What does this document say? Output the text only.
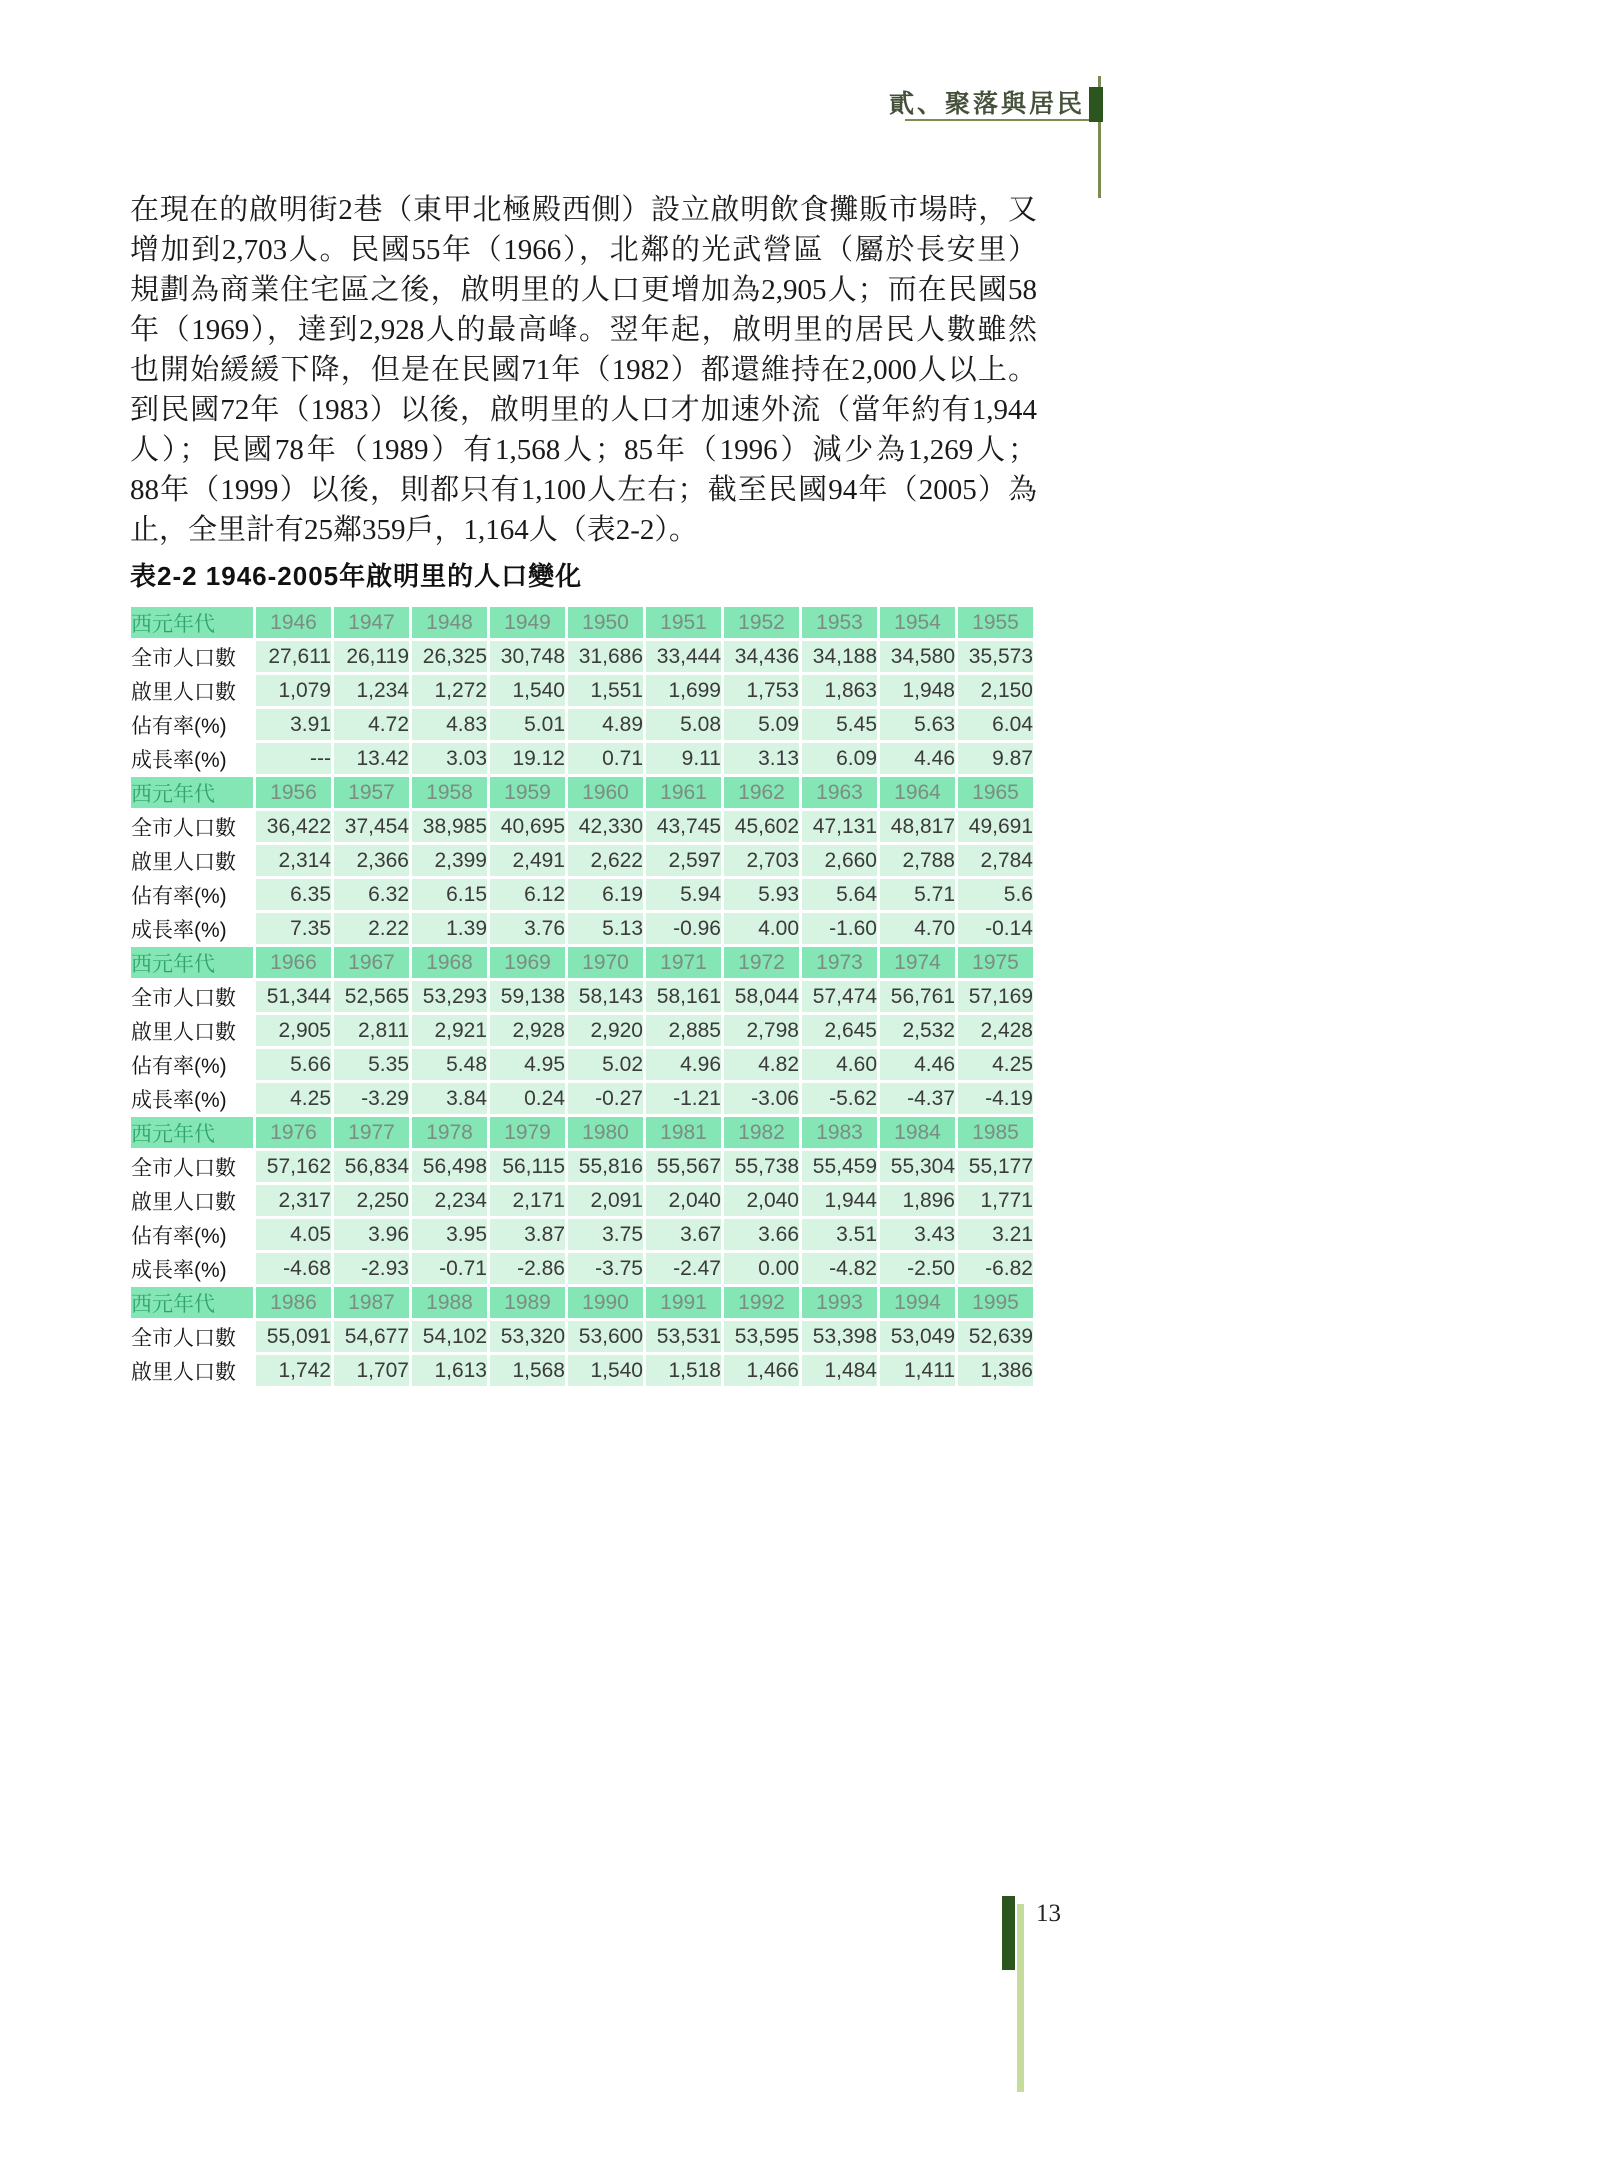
貳、聚落與居民
在現在的啟明街2巷（東甲北極殿西側）設立啟明飲食攤販市場時，又
增加到2,703人。民國55年（1966），北鄰的光武營區（屬於長安里）
規劃為商業住宅區之後，啟明里的人口更增加為2,905人；而在民國58
年（1969），達到2,928人的最高峰。翌年起，啟明里的居民人數雖然
也開始緩緩下降，但是在民國71年（1982）都還維持在2,000人以上。
到民國72年（1983）以後，啟明里的人口才加速外流（當年約有1,944
人）；民國78年（1989）有1,568人；85年（1996）減少為1,269人；
88年（1999）以後，則都只有1,100人左右；截至民國94年（2005）為
止，全里計有25鄰359戶，1,164人（表2-2）。
表2-2 1946-2005年啟明里的人口變化
西元年代	1946	1947	1948	1949	1950	1951	1952	1953	1954	1955
全市人口數	27,611	26,119	26,325	30,748	31,686	33,444	34,436	34,188	34,580	35,573
啟里人口數	1,079	1,234	1,272	1,540	1,551	1,699	1,753	1,863	1,948	2,150
佔有率(%)	3.91	4.72	4.83	5.01	4.89	5.08	5.09	5.45	5.63	6.04
成長率(%)	---	13.42	3.03	19.12	0.71	9.11	3.13	6.09	4.46	9.87
西元年代	1956	1957	1958	1959	1960	1961	1962	1963	1964	1965
全市人口數	36,422	37,454	38,985	40,695	42,330	43,745	45,602	47,131	48,817	49,691
啟里人口數	2,314	2,366	2,399	2,491	2,622	2,597	2,703	2,660	2,788	2,784
佔有率(%)	6.35	6.32	6.15	6.12	6.19	5.94	5.93	5.64	5.71	5.6
成長率(%)	7.35	2.22	1.39	3.76	5.13	-0.96	4.00	-1.60	4.70	-0.14
西元年代	1966	1967	1968	1969	1970	1971	1972	1973	1974	1975
全市人口數	51,344	52,565	53,293	59,138	58,143	58,161	58,044	57,474	56,761	57,169
啟里人口數	2,905	2,811	2,921	2,928	2,920	2,885	2,798	2,645	2,532	2,428
佔有率(%)	5.66	5.35	5.48	4.95	5.02	4.96	4.82	4.60	4.46	4.25
成長率(%)	4.25	-3.29	3.84	0.24	-0.27	-1.21	-3.06	-5.62	-4.37	-4.19
西元年代	1976	1977	1978	1979	1980	1981	1982	1983	1984	1985
全市人口數	57,162	56,834	56,498	56,115	55,816	55,567	55,738	55,459	55,304	55,177
啟里人口數	2,317	2,250	2,234	2,171	2,091	2,040	2,040	1,944	1,896	1,771
佔有率(%)	4.05	3.96	3.95	3.87	3.75	3.67	3.66	3.51	3.43	3.21
成長率(%)	-4.68	-2.93	-0.71	-2.86	-3.75	-2.47	0.00	-4.82	-2.50	-6.82
西元年代	1986	1987	1988	1989	1990	1991	1992	1993	1994	1995
全市人口數	55,091	54,677	54,102	53,320	53,600	53,531	53,595	53,398	53,049	52,639
啟里人口數	1,742	1,707	1,613	1,568	1,540	1,518	1,466	1,484	1,411	1,386
13
